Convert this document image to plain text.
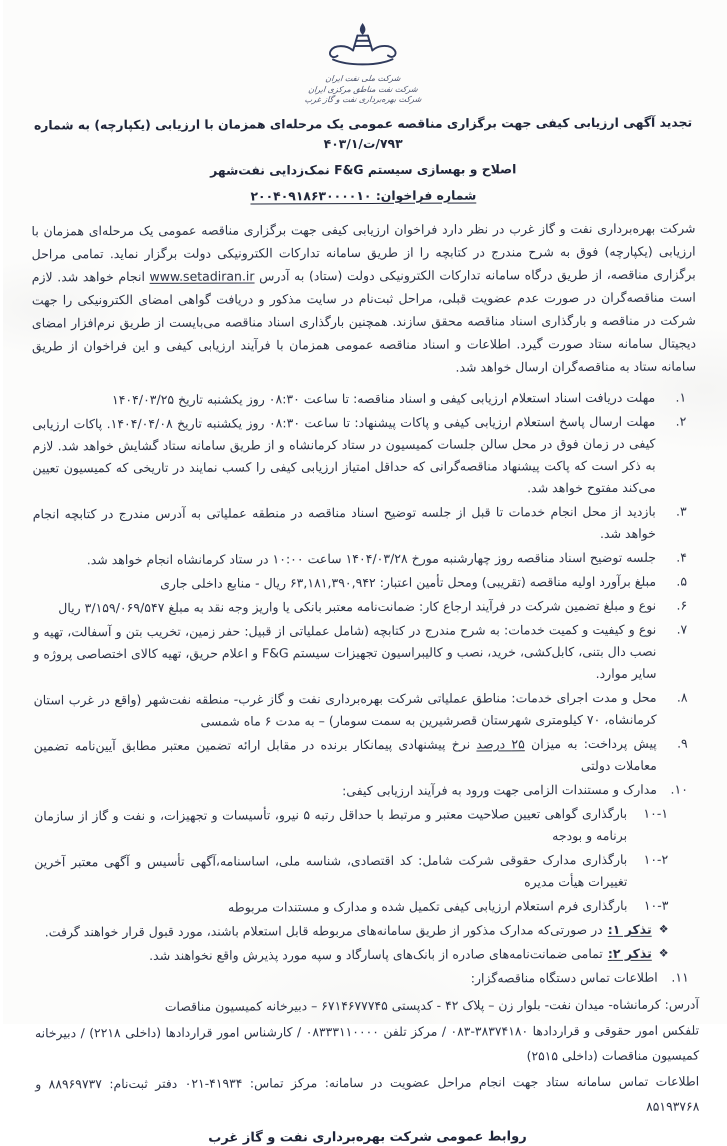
شرکت ملی نفت ایران
شرکت نفت مناطق مرکزی ایران
شرکت بهره‌برداری نفت و گاز غرب
تجدید آگهی ارزیابی کیفی جهت برگزاری مناقصه عمومی یک مرحله‌ای همزمان با ارزیابی (یکپارچه) به شماره ۷۹۳/ت/۴۰۳/۱
اصلاح و بهسازی سیستم F&G نمک‌زدایی نفت‌شهر
شماره فراخوان: ۲۰۰۴۰۹۱۸۶۳۰۰۰۰۱۰

شرکت بهره‌برداری نفت و گاز غرب در نظر دارد فراخوان ارزیابی کیفی جهت برگزاری مناقصه عمومی یک مرحله‌ای همزمان با ارزیابی (یکپارچه) فوق به شرح مندرج در کتابچه را از طریق سامانه تدارکات الکترونیکی دولت برگزار نماید. تمامی مراحل برگزاری مناقصه، از طریق درگاه سامانه تدارکات الکترونیکی دولت (ستاد) به آدرس www.setadiran.ir انجام خواهد شد. لازم است مناقصه‌گران در صورت عدم عضویت قبلی، مراحل ثبت‌نام در سایت مذکور و دریافت گواهی امضای الکترونیکی را جهت شرکت در مناقصه و بارگذاری اسناد مناقصه محقق سازند. همچنین بارگذاری اسناد مناقصه می‌بایست از طریق نرم‌افزار امضای دیجیتال سامانه ستاد صورت گیرد. اطلاعات و اسناد مناقصه عمومی همزمان با فرآیند ارزیابی کیفی و این فراخوان از طریق سامانه ستاد به مناقصه‌گران ارسال خواهد شد.

۱.
مهلت دریافت اسناد استعلام ارزیابی کیفی و اسناد مناقصه: تا ساعت ۰۸:۳۰ روز یکشنبه تاریخ ۱۴۰۴/۰۳/۲۵
۲.
مهلت ارسال پاسخ استعلام ارزیابی کیفی و پاکات پیشنهاد: تا ساعت ۰۸:۳۰ روز یکشنبه تاریخ ۱۴۰۴/۰۴/۰۸. پاکات ارزیابی کیفی در زمان فوق در محل سالن جلسات کمیسیون در ستاد کرمانشاه و از طریق سامانه ستاد گشایش خواهد شد. لازم به ذکر است که پاکت پیشنهاد مناقصه‌گرانی که حداقل امتیاز ارزیابی کیفی را کسب نمایند در تاریخی که کمیسیون تعیین می‌کند مفتوح خواهد شد.
۳.
بازدید از محل انجام خدمات تا قبل از جلسه توضیح اسناد مناقصه در منطقه عملیاتی به آدرس مندرج در کتابچه انجام خواهد شد.
۴.
جلسه توضیح اسناد مناقصه روز چهارشنبه مورخ ۱۴۰۴/۰۳/۲۸ ساعت ۱۰:۰۰ در ستاد کرمانشاه انجام خواهد شد.
۵.
مبلغ برآورد اولیه مناقصه (تقریبی) ومحل تأمین اعتبار: ۶۳,۱۸۱,۳۹۰,۹۴۲ ریال - منابع داخلی جاری
۶.
نوع و مبلغ تضمین شرکت در فرآیند ارجاع کار: ضمانت‌نامه معتبر بانکی یا واریز وجه نقد به مبلغ ۳/۱۵۹/۰۶۹/۵۴۷ ریال
۷.
نوع و کیفیت و کمیت خدمات: به شرح مندرج در کتابچه (شامل عملیاتی از قبیل: حفر زمین، تخریب بتن و آسفالت، تهیه و نصب دال بتنی، کابل‌کشی، خرید، نصب و کالیبراسیون تجهیزات سیستم F&G و اعلام حریق، تهیه کالای اختصاصی پروژه و سایر موارد.
۸.
محل و مدت اجرای خدمات: مناطق عملیاتی شرکت بهره‌برداری نفت و گاز غرب- منطقه نفت‌شهر (واقع در غرب استان کرمانشاه، ۷۰ کیلومتری شهرستان قصرشیرین به سمت سومار) – به مدت ۶ ماه شمسی
۹.
پیش پرداخت: به میزان ۲۵ درصد نرخ پیشنهادی پیمانکار برنده در مقابل ارائه تضمین معتبر مطابق آیین‌نامه تضمین معاملات دولتی
۱۰.
مدارک و مستندات الزامی جهت ورود به فرآیند ارزیابی کیفی:
۱۰-۱
بارگذاری گواهی تعیین صلاحیت معتبر و مرتبط با حداقل رتبه ۵ نیرو، تأسیسات و تجهیزات، و نفت و گاز از سازمان برنامه و بودجه
۱۰-۲
بارگذاری مدارک حقوقی شرکت شامل: کد اقتصادی، شناسه ملی، اساسنامه،آگهی تأسیس و آگهی معتبر آخرین تغییرات هیأت مدیره
۱۰-۳
بارگذاری فرم استعلام ارزیابی کیفی تکمیل شده و مدارک و مستندات مربوطه
❖
تذکر ۱:در صورتی‌که مدارک مذکور از طریق سامانه‌های مربوطه قابل استعلام باشند، مورد قبول قرار خواهند گرفت.
❖
تذکر ۲:تمامی ضمانت‌نامه‌های صادره از بانک‌های پاسارگاد و سپه مورد پذیرش واقع نخواهند شد.
۱۱.
اطلاعات تماس دستگاه مناقصه‌گزار:

آدرس: کرمانشاه- میدان نفت- بلوار زن – پلاک ۴۲ - کدپستی ۶۷۱۴۶۷۷۷۴۵ – دبیرخانه کمیسیون مناقصات

تلفکس امور حقوقی و قراردادها ۳۸۳۷۴۱۸۰-۰۸۳ / مرکز تلفن ۰۸۳۳۳۱۱۰۰۰۰ / کارشناس امور قراردادها (داخلی ۲۲۱۸) / دبیرخانه کمیسیون مناقصات (داخلی ۲۵۱۵)

اطلاعات تماس سامانه ستاد جهت انجام مراحل عضویت در سامانه: مرکز تماس: ۴۱۹۳۴-۰۲۱ دفتر ثبت‌نام: ۸۸۹۶۹۷۳۷ و ۸۵۱۹۳۷۶۸

روابط عمومی شرکت بهره‌برداری نفت و گاز غرب
